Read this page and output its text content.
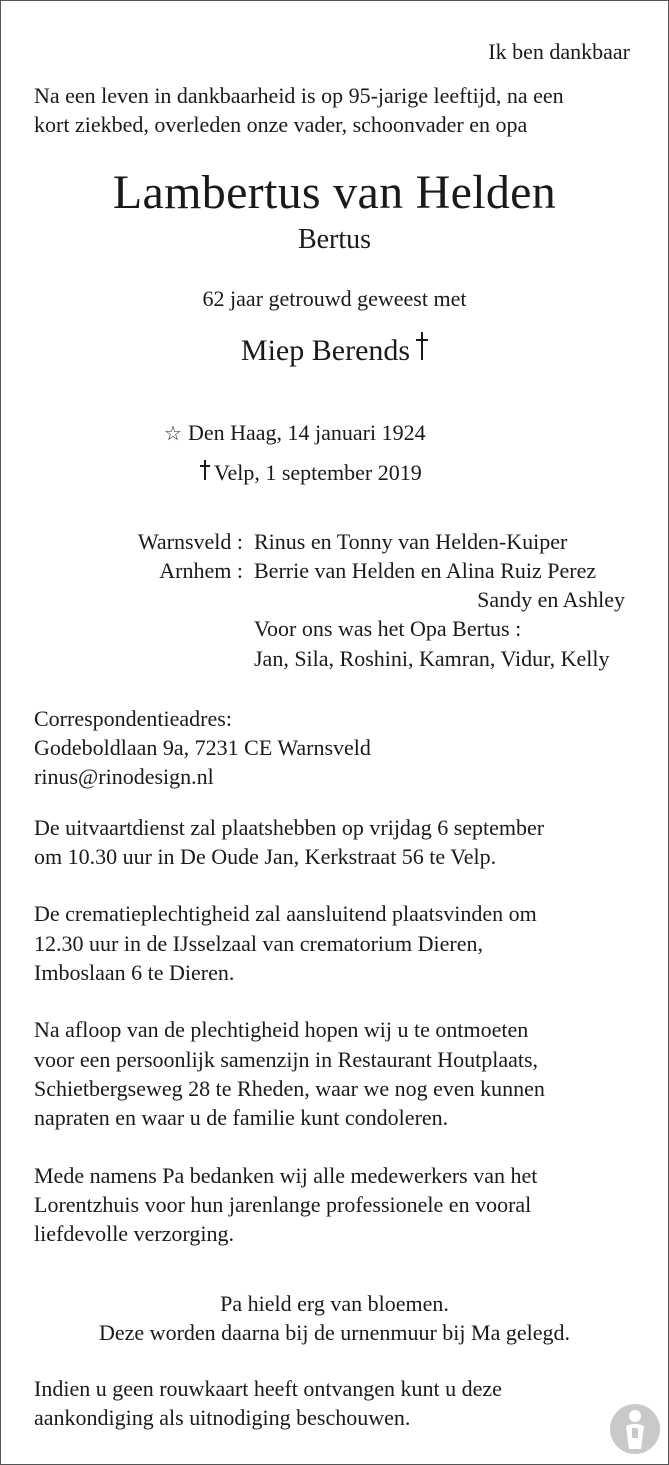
Ik ben dankbaar
Na een leven in dankbaarheid is op 95-jarige leeftijd, na een
kort ziekbed, overleden onze vader, schoonvader en opa
Lambertus van Helden
Bertus
62 jaar getrouwd geweest met
Miep Berends
☆ Den Haag, 14 januari 1924
Velp, 1 september 2019
Warnsveld : Rinus en Tonny van Helden-Kuiper
Arnhem : Berrie van Helden en Alina Ruiz Perez
Sandy en Ashley
Voor ons was het Opa Bertus :
Jan, Sila, Roshini, Kamran, Vidur, Kelly
Correspondentieadres:
Godeboldlaan 9a, 7231 CE Warnsveld
rinus@rinodesign.nl
De uitvaartdienst zal plaatshebben op vrijdag 6 september
om 10.30 uur in De Oude Jan, Kerkstraat 56 te Velp.
De crematieplechtigheid zal aansluitend plaatsvinden om
12.30 uur in de IJsselzaal van crematorium Dieren,
Imboslaan 6 te Dieren.
Na afloop van de plechtigheid hopen wij u te ontmoeten
voor een persoonlijk samenzijn in Restaurant Houtplaats,
Schietbergseweg 28 te Rheden, waar we nog even kunnen
napraten en waar u de familie kunt condoleren.
Mede namens Pa bedanken wij alle medewerkers van het
Lorentzhuis voor hun jarenlange professionele en vooral
liefdevolle verzorging.
Pa hield erg van bloemen.
Deze worden daarna bij de urnenmuur bij Ma gelegd.
Indien u geen rouwkaart heeft ontvangen kunt u deze
aankondiging als uitnodiging beschouwen.
